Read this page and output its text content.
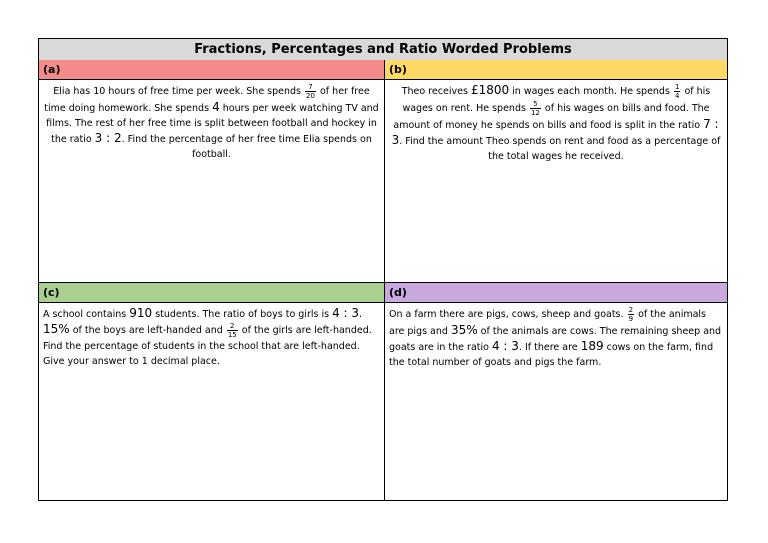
Fractions, Percentages and Ratio Worded Problems
(a)
Elia has 10 hours of free time per week. She spends $\frac{7}{20}$ of her free time doing homework. She spends 4 hours per week watching TV and films. The rest of her free time is split between football and hockey in the ratio 3 : 2. Find the percentage of her free time Elia spends on football.
(b)
Theo receives £1800 in wages each month. He spends $\frac{1}{4}$ of his wages on rent. He spends $\frac{5}{12}$ of his wages on bills and food. The amount of money he spends on bills and food is split in the ratio 7 : 3. Find the amount Theo spends on rent and food as a percentage of the total wages he received.
(c)
A school contains 910 students. The ratio of boys to girls is 4 : 3. 15% of the boys are left-handed and $\frac{2}{15}$ of the girls are left-handed. Find the percentage of students in the school that are left-handed. Give your answer to 1 decimal place.
(d)
On a farm there are pigs, cows, sheep and goats. $\frac{2}{9}$ of the animals are pigs and 35% of the animals are cows. The remaining sheep and goats are in the ratio 4 : 3. If there are 189 cows on the farm, find the total number of goats and pigs the farm.
